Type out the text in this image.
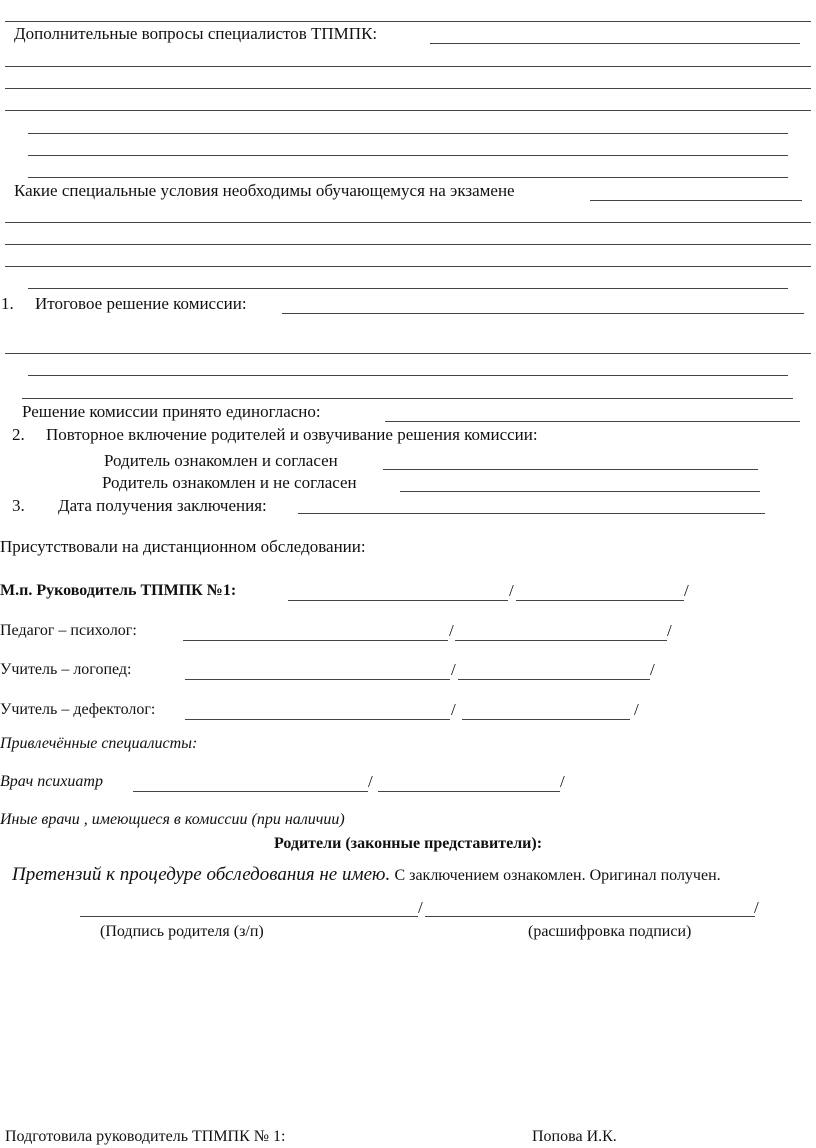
Дополнительные вопросы специалистов ТПМПК:
Какие специальные условия необходимы обучающемуся на экзамене
1. Итоговое решение комиссии:
Решение комиссии принято единогласно:
2. Повторное включение родителей и озвучивание решения комиссии:
Родитель ознакомлен и согласен
Родитель ознакомлен и не согласен
3. Дата получения заключения:
Присутствовали на дистанционном обследовании:
М.п. Руководитель ТПМПК №1:	/	/
Педагог – психолог:	/	/
Учитель – логопед:	/	/
Учитель – дефектолог:	/	/
Привлечённые специалисты:
Врач психиатр	/	/
Иные врачи , имеющиеся в комиссии (при наличии)
Родители (законные представители):
Претензий к процедуре обследования не имею. С заключением ознакомлен. Оригинал получен.
/	/
(Подпись родителя (з/п)	(расшифровка подписи)
Подготовила руководитель ТПМПК № 1:	Попова И.К.
